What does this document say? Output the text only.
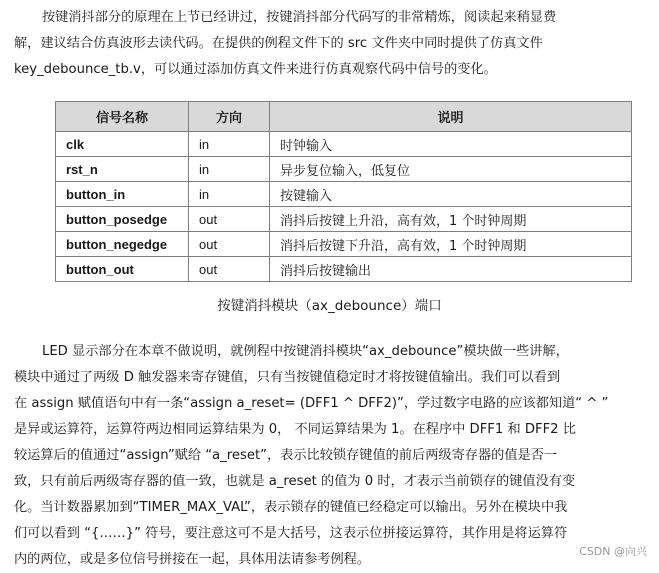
按键消抖部分的原理在上节已经讲过，按键消抖部分代码写的非常精炼，阅读起来稍显费
解，建议结合仿真波形去读代码。在提供的例程文件下的 src 文件夹中同时提供了仿真文件
key_debounce_tb.v，可以通过添加仿真文件来进行仿真观察代码中信号的变化。
信号名称	方向	说明
clk	in	时钟输入
rst_n	in	异步复位输入，低复位
button_in	in	按键输入
button_posedge	out	消抖后按键上升沿，高有效，1 个时钟周期
button_negedge	out	消抖后按键下升沿，高有效，1 个时钟周期
button_out	out	消抖后按键输出
按键消抖模块（ax_debounce）端口
LED 显示部分在本章不做说明，就例程中按键消抖模块“ax_debounce”模块做一些讲解，
模块中通过了两级 D 触发器来寄存键值，只有当按键值稳定时才将按键值输出。我们可以看到
在 assign 赋值语句中有一条“assign a_reset= (DFF1 ^ DFF2)”，学过数字电路的应该都知道“ ^ ”
是异或运算符，运算符两边相同运算结果为 0， 不同运算结果为 1。在程序中 DFF1 和 DFF2 比
较运算后的值通过“assign”赋给 “a_reset”，表示比较锁存键值的前后两级寄存器的值是否一
致，只有前后两级寄存器的值一致，也就是 a_reset 的值为 0 时，才表示当前锁存的键值没有变
化。当计数器累加到“TIMER_MAX_VAL”，表示锁存的键值已经稳定可以输出。另外在模块中我
们可以看到 “{……}” 符号，要注意这可不是大括号，这表示位拼接运算符，其作用是将运算符
内的两位，或是多位信号拼接在一起，具体用法请参考例程。
CSDN @向兴
